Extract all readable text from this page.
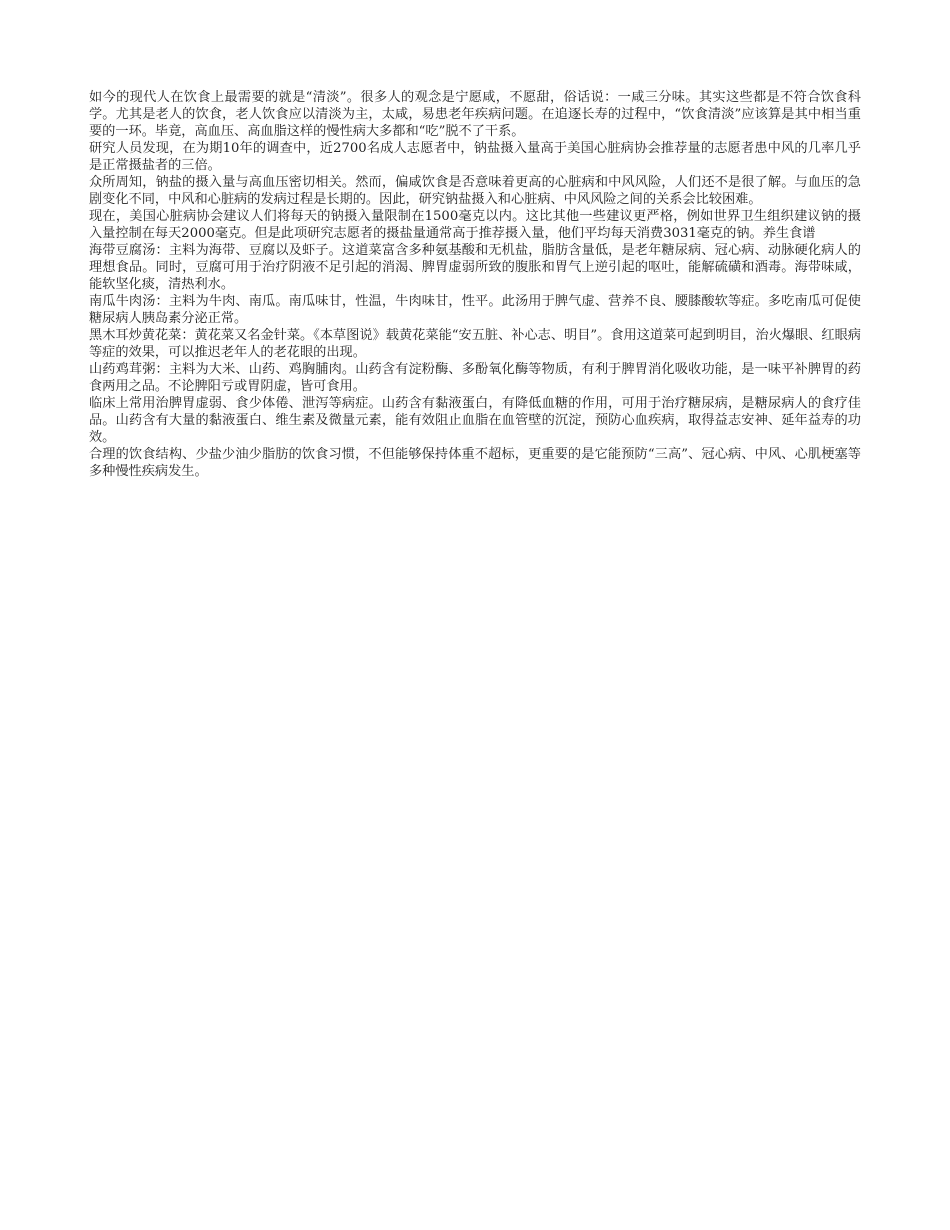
如今的现代人在饮食上最需要的就是“清淡”。很多人的观念是宁愿咸，不愿甜，俗话说：一咸三分味。其实这些都是不符合饮食科学。尤其是老人的饮食，老人饮食应以清淡为主，太咸，易患老年疾病问题。在追逐长寿的过程中，“饮食清淡”应该算是其中相当重要的一环。毕竟，高血压、高血脂这样的慢性病大多都和“吃”脱不了干系。

研究人员发现，在为期10年的调查中，近2700名成人志愿者中，钠盐摄入量高于美国心脏病协会推荐量的志愿者患中风的几率几乎是正常摄盐者的三倍。

众所周知，钠盐的摄入量与高血压密切相关。然而，偏咸饮食是否意味着更高的心脏病和中风风险，人们还不是很了解。与血压的急剧变化不同，中风和心脏病的发病过程是长期的。因此，研究钠盐摄入和心脏病、中风风险之间的关系会比较困难。

现在，美国心脏病协会建议人们将每天的钠摄入量限制在1500毫克以内。这比其他一些建议更严格，例如世界卫生组织建议钠的摄入量控制在每天2000毫克。但是此项研究志愿者的摄盐量通常高于推荐摄入量，他们平均每天消费3031毫克的钠。养生食谱

海带豆腐汤：主料为海带、豆腐以及虾子。这道菜富含多种氨基酸和无机盐，脂肪含量低，是老年糖尿病、冠心病、动脉硬化病人的理想食品。同时，豆腐可用于治疗阴液不足引起的消渴、脾胃虚弱所致的腹胀和胃气上逆引起的呕吐，能解硫磺和酒毒。海带味咸，能软坚化痰，清热利水。

南瓜牛肉汤：主料为牛肉、南瓜。南瓜味甘，性温，牛肉味甘，性平。此汤用于脾气虚、营养不良、腰膝酸软等症。多吃南瓜可促使糖尿病人胰岛素分泌正常。

黑木耳炒黄花菜：黄花菜又名金针菜。《本草图说》载黄花菜能“安五脏、补心志、明目”。食用这道菜可起到明目，治火爆眼、红眼病等症的效果，可以推迟老年人的老花眼的出现。

山药鸡茸粥：主料为大米、山药、鸡胸脯肉。山药含有淀粉酶、多酚氧化酶等物质，有利于脾胃消化吸收功能，是一味平补脾胃的药食两用之品。不论脾阳亏或胃阴虚，皆可食用。

临床上常用治脾胃虚弱、食少体倦、泄泻等病症。山药含有黏液蛋白，有降低血糖的作用，可用于治疗糖尿病，是糖尿病人的食疗佳品。山药含有大量的黏液蛋白、维生素及微量元素，能有效阻止血脂在血管壁的沉淀，预防心血疾病，取得益志安神、延年益寿的功效。

合理的饮食结构、少盐少油少脂肪的饮食习惯，不但能够保持体重不超标，更重要的是它能预防“三高”、冠心病、中风、心肌梗塞等多种慢性疾病发生。
